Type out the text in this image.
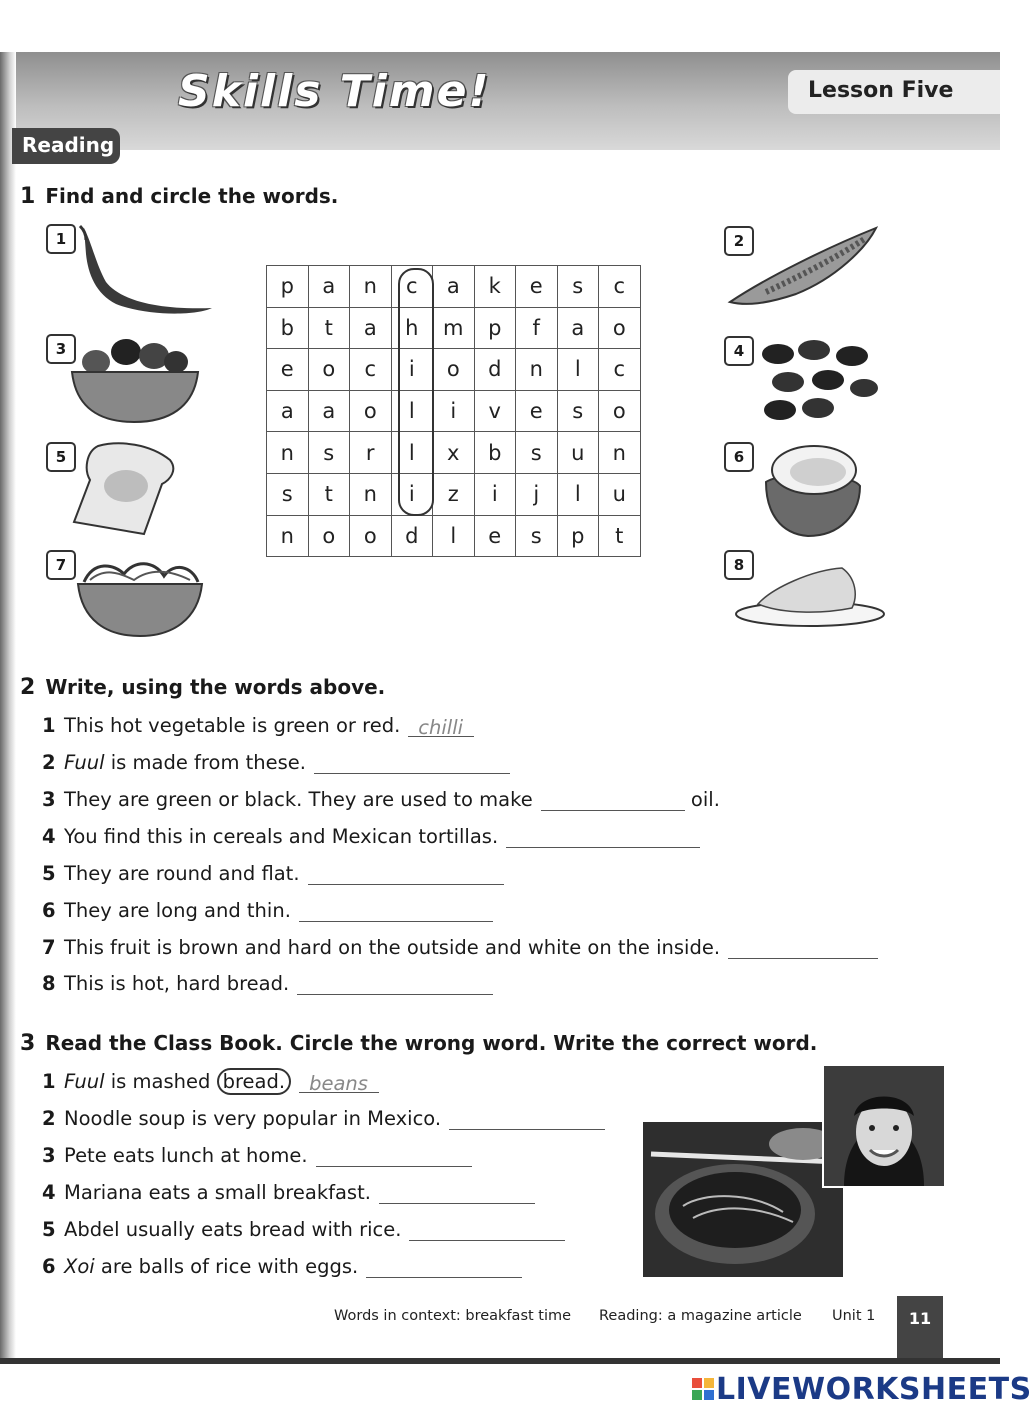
Skills Time!	Lesson Five
Reading
1 Find and circle the words.
1	2
3	4
5	6
7	8
p	a	n	c	a	k	e	s	c
b	t	a	h	m	p	f	a	o
e	o	c	i	o	d	n	l	c
a	a	o	l	i	v	e	s	o
n	s	r	l	x	b	s	u	n
s	t	n	i	z	i	j	l	u
n	o	o	d	l	e	s	p	t
2 Write, using the words above.
1 This hot vegetable is green or red. chilli
2 Fuul is made from these.
3 They are green or black. They are used to make	oil.
4 You find this in cereals and Mexican tortillas.
5 They are round and flat.
6 They are long and thin.
7 This fruit is brown and hard on the outside and white on the inside.
8 This is hot, hard bread.
3 Read the Class Book. Circle the wrong word. Write the correct word.
1 Fuul is mashed bread. beans
2 Noodle soup is very popular in Mexico.
3 Pete eats lunch at home.
4 Mariana eats a small breakfast.
5 Abdel usually eats bread with rice.
6 Xoi are balls of rice with eggs.
Words in context: breakfast time Reading: a magazine article Unit 1	11
LIVEWORKSHEETS
